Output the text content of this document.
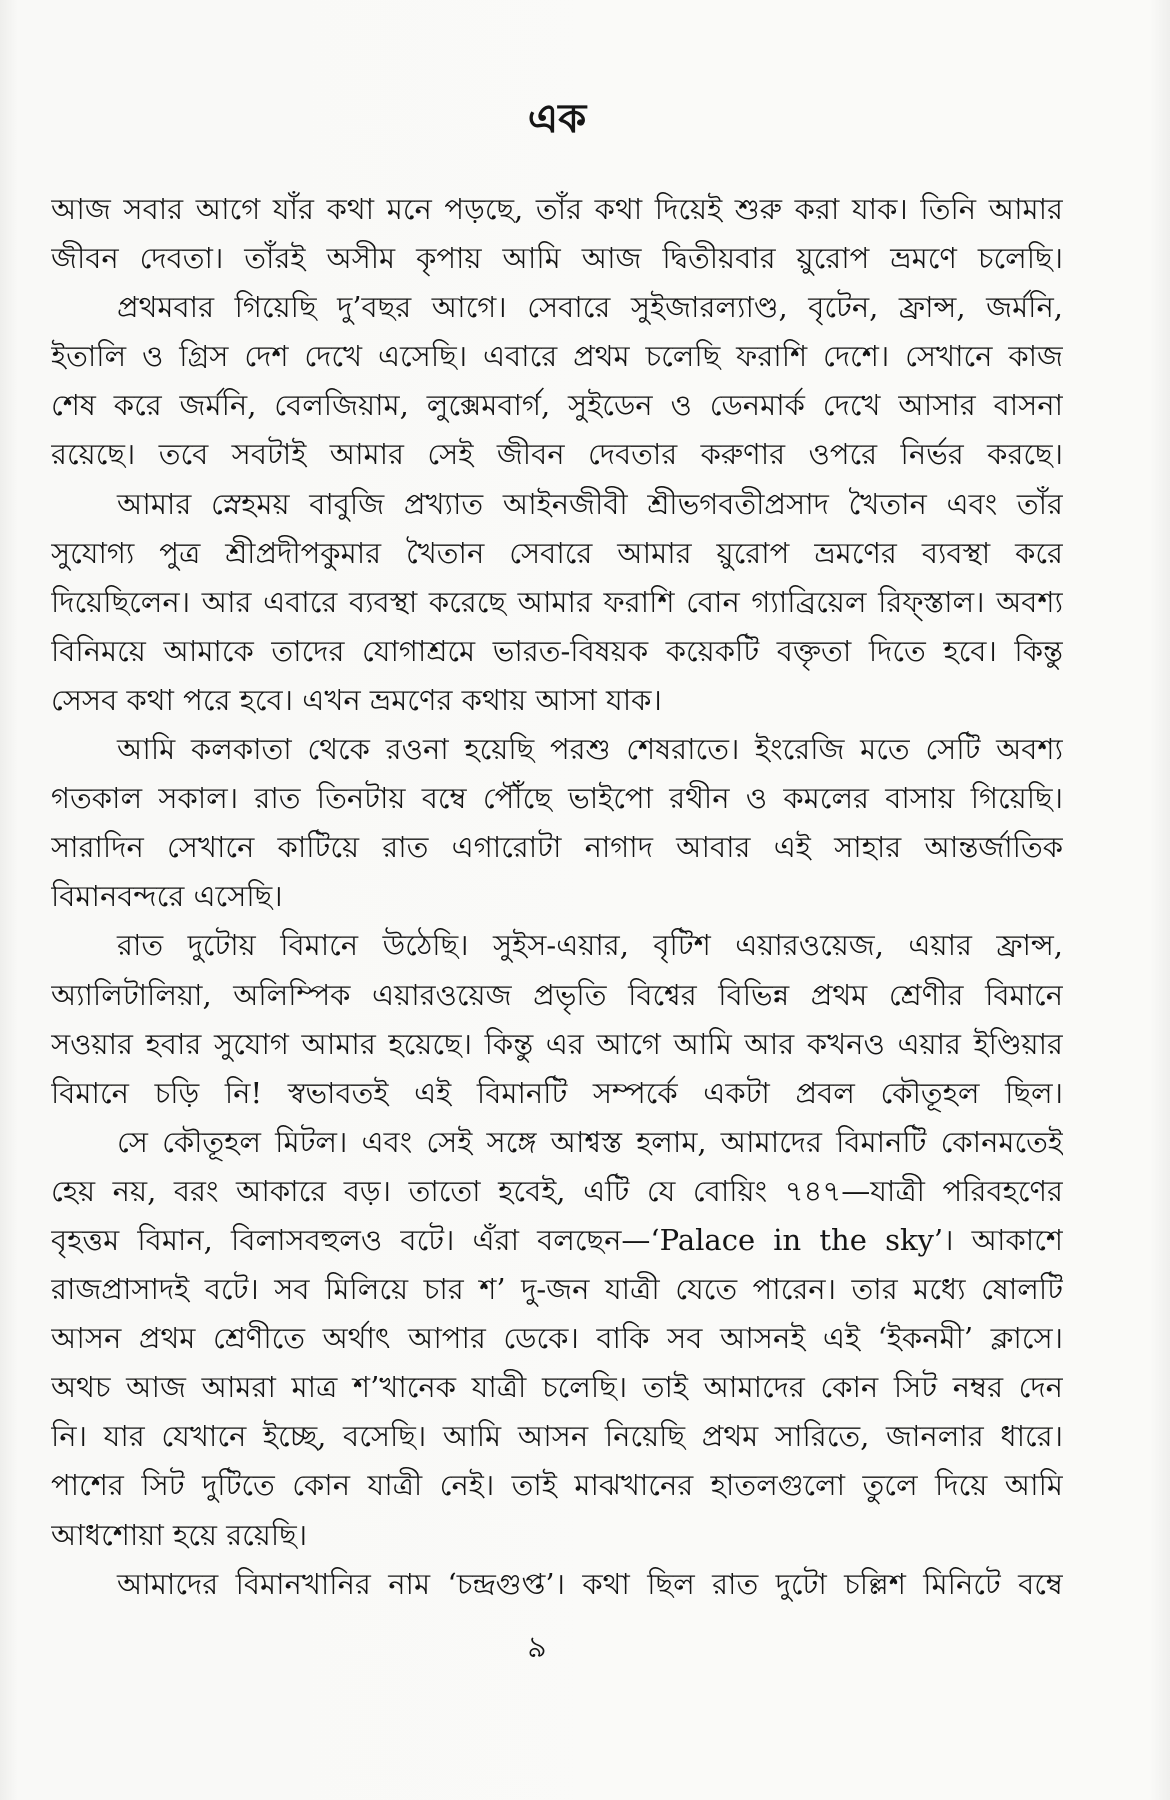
এক
আজ সবার আগে যাঁর কথা মনে পড়ছে, তাঁর কথা দিয়েই শুরু করা যাক। তিনি আমার
জীবন দেবতা। তাঁরই অসীম কৃপায় আমি আজ দ্বিতীয়বার য়ুরোপ ভ্রমণে চলেছি।
প্রথমবার গিয়েছি দু’বছর আগে। সেবারে সুইজারল্যাণ্ড, বৃটেন, ফ্রান্স, জর্মনি,
ইতালি ও গ্রিস দেশ দেখে এসেছি। এবারে প্রথম চলেছি ফরাশি দেশে। সেখানে কাজ
শেষ করে জর্মনি, বেলজিয়াম, লুক্সেমবার্গ, সুইডেন ও ডেনমার্ক দেখে আসার বাসনা
রয়েছে। তবে সবটাই আমার সেই জীবন দেবতার করুণার ওপরে নির্ভর করছে।
আমার স্নেহময় বাবুজি প্রখ্যাত আইনজীবী শ্রীভগবতীপ্রসাদ খৈতান এবং তাঁর
সুযোগ্য পুত্র শ্রীপ্রদীপকুমার খৈতান সেবারে আমার য়ুরোপ ভ্রমণের ব্যবস্থা করে
দিয়েছিলেন। আর এবারে ব্যবস্থা করেছে আমার ফরাশি বোন গ্যাব্রিয়েল রিফ্স্তাল। অবশ্য
বিনিময়ে আমাকে তাদের যোগাশ্রমে ভারত-বিষয়ক কয়েকটি বক্তৃতা দিতে হবে। কিন্তু
সেসব কথা পরে হবে। এখন ভ্রমণের কথায় আসা যাক।
আমি কলকাতা থেকে রওনা হয়েছি পরশু শেষরাতে। ইংরেজি মতে সেটি অবশ্য
গতকাল সকাল। রাত তিনটায় বম্বে পৌঁছে ভাইপো রথীন ও কমলের বাসায় গিয়েছি।
সারাদিন সেখানে কাটিয়ে রাত এগারোটা নাগাদ আবার এই সাহার আন্তর্জাতিক
বিমানবন্দরে এসেছি।
রাত দুটোয় বিমানে উঠেছি। সুইস-এয়ার, বৃটিশ এয়ারওয়েজ, এয়ার ফ্রান্স,
অ্যালিটালিয়া, অলিম্পিক এয়ারওয়েজ প্রভৃতি বিশ্বের বিভিন্ন প্রথম শ্রেণীর বিমানে
সওয়ার হবার সুযোগ আমার হয়েছে। কিন্তু এর আগে আমি আর কখনও এয়ার ইণ্ডিয়ার
বিমানে চড়ি নি! স্বভাবতই এই বিমানটি সম্পর্কে একটা প্রবল কৌতূহল ছিল।
সে কৌতূহল মিটল। এবং সেই সঙ্গে আশ্বস্ত হলাম, আমাদের বিমানটি কোনমতেই
হেয় নয়, বরং আকারে বড়। তাতো হবেই, এটি যে বোয়িং ৭৪৭—যাত্রী পরিবহণের
বৃহত্তম বিমান, বিলাসবহুলও বটে। এঁরা বলছেন—‘Palace in the sky’। আকাশে
রাজপ্রাসাদই বটে। সব মিলিয়ে চার শ’ দু-জন যাত্রী যেতে পারেন। তার মধ্যে ষোলটি
আসন প্রথম শ্রেণীতে অর্থাৎ আপার ডেকে। বাকি সব আসনই এই ‘ইকনমী’ ক্লাসে।
অথচ আজ আমরা মাত্র শ’খানেক যাত্রী চলেছি। তাই আমাদের কোন সিট নম্বর দেন
নি। যার যেখানে ইচ্ছে, বসেছি। আমি আসন নিয়েছি প্রথম সারিতে, জানলার ধারে।
পাশের সিট দুটিতে কোন যাত্রী নেই। তাই মাঝখানের হাতলগুলো তুলে দিয়ে আমি
আধশোয়া হয়ে রয়েছি।
আমাদের বিমানখানির নাম ‘চন্দ্রগুপ্ত’। কথা ছিল রাত দুটো চল্লিশ মিনিটে বম্বে
৯
